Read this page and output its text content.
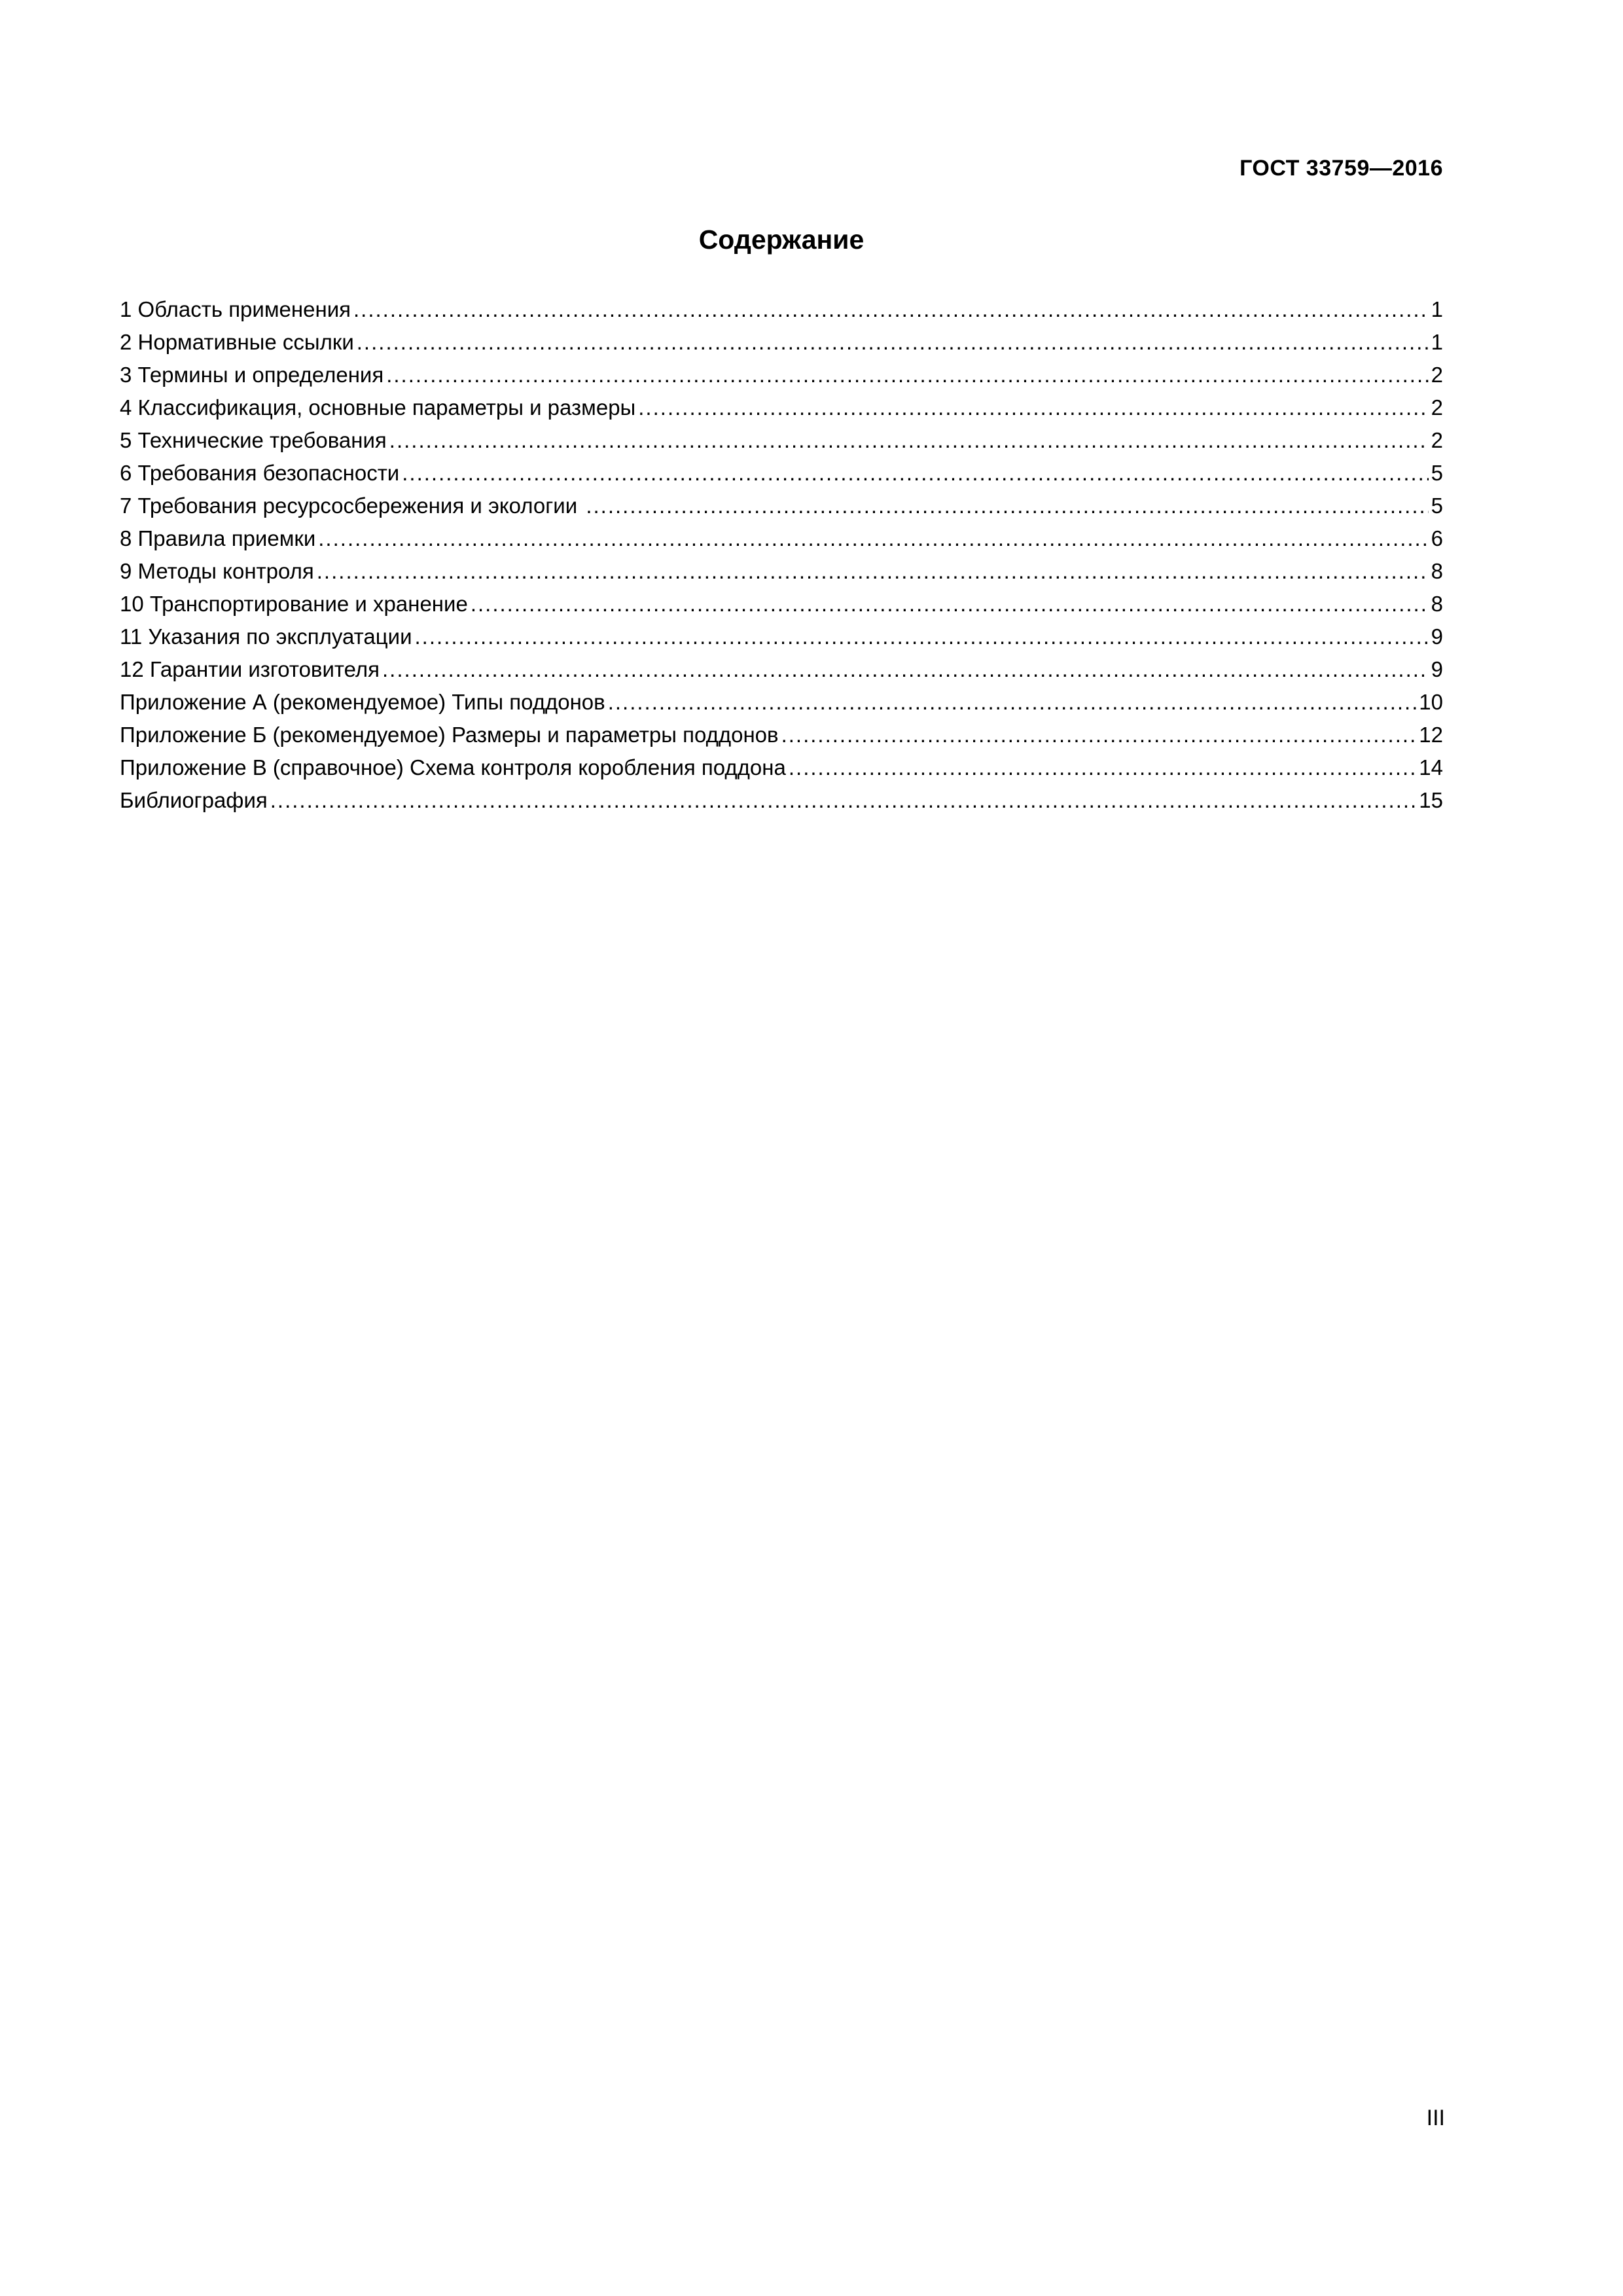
ГОСТ 33759—2016
Содержание
1 Область применения .....	1
2 Нормативные ссылки .....	1
3 Термины и определения .....	2
4 Классификация, основные параметры и размеры .....	2
5 Технические требования .....	2
6 Требования безопасности .....	5
7 Требования ресурсосбережения и экологии .....	5
8 Правила приемки .....	6
9 Методы контроля .....	8
10 Транспортирование и хранение .....	8
11 Указания по эксплуатации .....	9
12 Гарантии изготовителя .....	9
Приложение А (рекомендуемое) Типы поддонов .....	10
Приложение Б (рекомендуемое) Размеры и параметры поддонов .....	12
Приложение В (справочное) Схема контроля коробления поддона .....	14
Библиография .....	15
III
